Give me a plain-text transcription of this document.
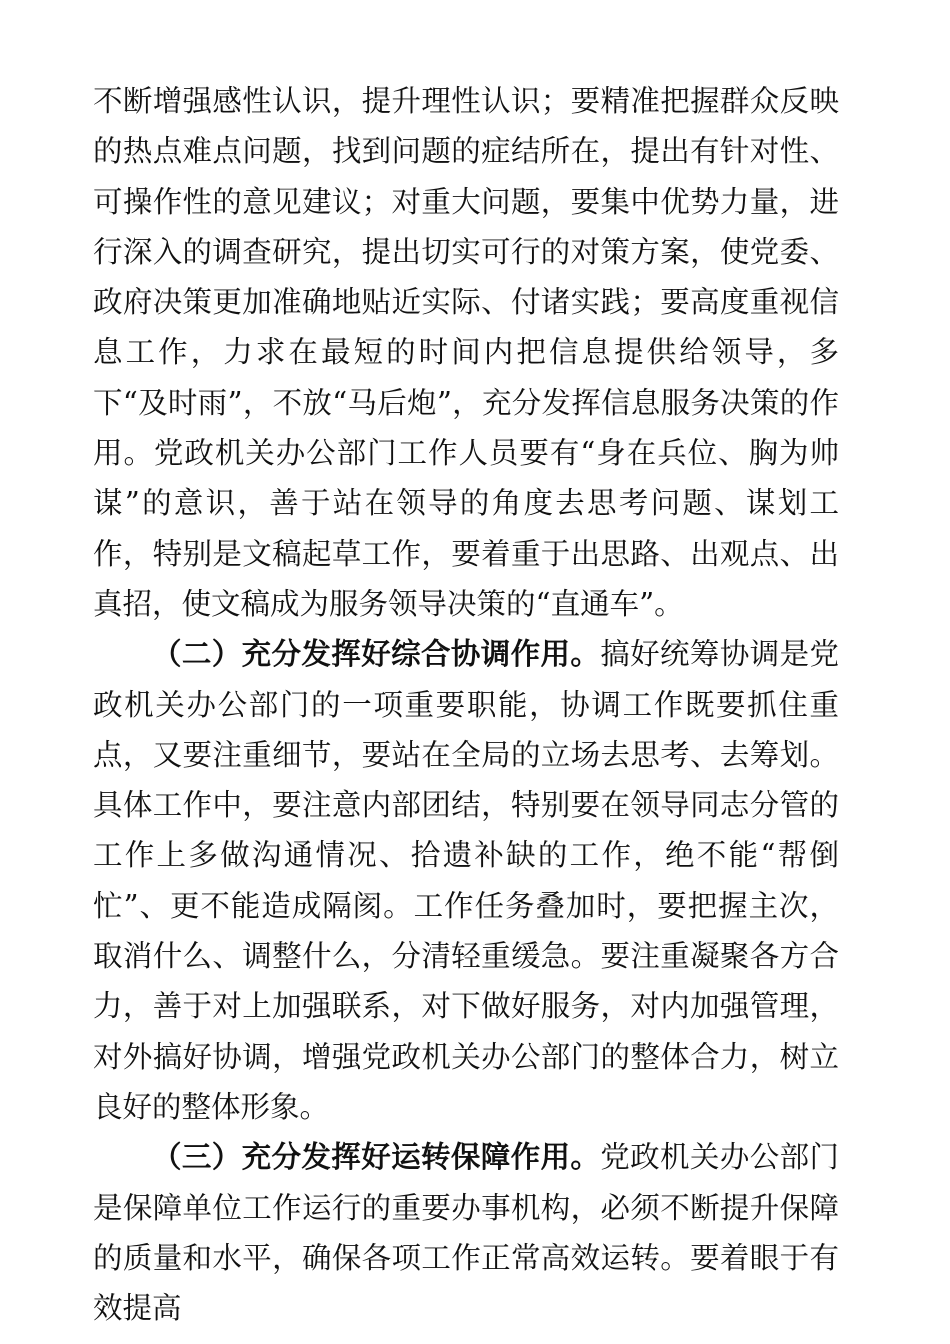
不断增强感性认识，提升理性认识；要精准把握群众反映的热点难点问题，找到问题的症结所在，提出有针对性、可操作性的意见建议；对重大问题，要集中优势力量，进行深入的调查研究，提出切实可行的对策方案，使党委、政府决策更加准确地贴近实际、付诸实践；要高度重视信息工作，力求在最短的时间内把信息提供给领导，多下“及时雨”，不放“马后炮”，充分发挥信息服务决策的作用。党政机关办公部门工作人员要有“身在兵位、胸为帅谋”的意识，善于站在领导的角度去思考问题、谋划工作，特别是文稿起草工作，要着重于出思路、出观点、出真招，使文稿成为服务领导决策的“直通车”。

（二）充分发挥好综合协调作用。搞好统筹协调是党政机关办公部门的一项重要职能，协调工作既要抓住重点，又要注重细节，要站在全局的立场去思考、去筹划。具体工作中，要注意内部团结，特别要在领导同志分管的工作上多做沟通情况、拾遗补缺的工作，绝不能“帮倒忙”、更不能造成隔阂。工作任务叠加时，要把握主次，取消什么、调整什么，分清轻重缓急。要注重凝聚各方合力，善于对上加强联系，对下做好服务，对内加强管理，对外搞好协调，增强党政机关办公部门的整体合力，树立良好的整体形象。

（三）充分发挥好运转保障作用。党政机关办公部门是保障单位工作运行的重要办事机构，必须不断提升保障的质量和水平，确保各项工作正常高效运转。要着眼于有效提高
